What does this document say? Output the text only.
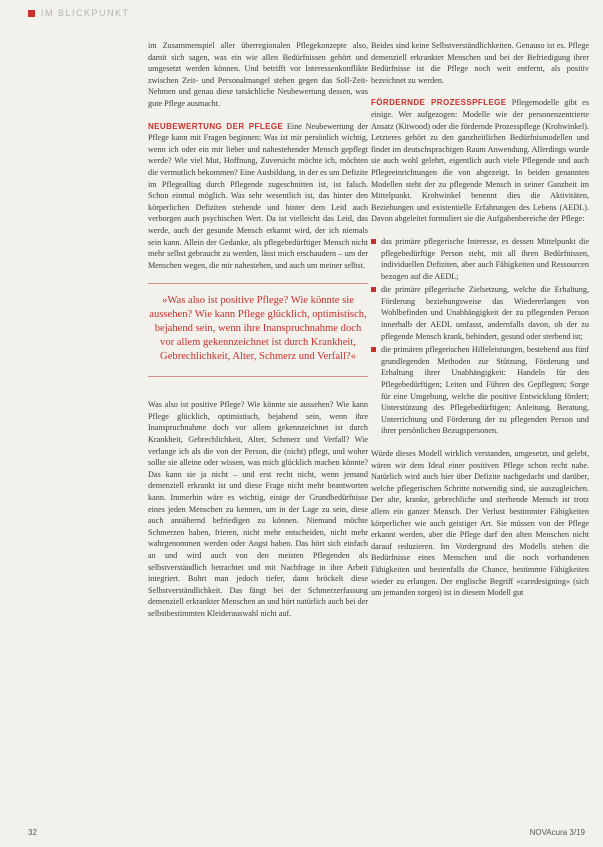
IM BLICKPUNKT

im Zusammenspiel aller überregionalen Pflegekonzepte also, damit sich sagen, was ein wie allen Bedürfnissen gehört und umgesetzt werden können. Und betrifft vor Interessenkonflikte zwischen Zeit- und Personalmangel stehen gegen das Soll-Zeit-Nehmen und genau diese tatsächliche Neubewertung dessen, was gute Pflege ausmacht.

NEUBEWERTUNG DER PFLEGE Eine Neubewertung der Pflege kann mit Fragen beginnen: Was ist mir persönlich wichtig, wenn ich oder ein mir lieber und nahestehender Mensch gepflegt werde? Wie viel Mut, Hoffnung, Zuversicht möchte ich, möchten die vermutlich bekommen? Eine Ausbildung, in der es um Defizite im Pflegealltag durch Pflegende zugeschnitten ist, ist falsch. Schon einmal möglich. Was sehr wesentlich ist, das hinter den körperlichen Defiziten stehende und hinter dem Leid auch verborgen auch psychischen Wert. Da ist vielleicht das Leid, das werde, auch der gesunde Mensch erkannt wird, der ich niemals sein kann. Allein der Gedanke, als pflegebedürftiger Mensch nicht mehr selbst gebraucht zu werden, lässt mich erschaudern – um der Menschen wegen, die mir nahestehen, und auch um meiner selbst.

»Was also ist positive Pflege? Wie könnte sie aussehen? Wie kann Pflege glücklich, optimistisch, bejahend sein, wenn ihre Inanspruchnahme doch vor allem gekennzeichnet ist durch Krankheit, Gebrechlichkeit, Alter, Schmerz und Verfall?«

Was also ist positive Pflege? Wie könnte sie aussehen? Wie kann Pflege glücklich, optimistisch, bejahend sein, wenn ihre Inanspruchnahme doch vor allem gekennzeichnet ist durch Krankheit, Gebrechlichkeit, Alter, Schmerz und Verfall? Wie verlange ich als die von der Person, die (nicht) pflegt, und woher sollte sie alleine oder wissen, was mich glücklich machen könnte? Das kann sie ja nicht – und erst recht nicht, wenn jemand demenziell erkrankt ist und diese Frage nicht mehr beantworten kann. Immerhin wäre es wichtig, einige der Grundbedürfnisse eines jeden Menschen zu kennen, um in der Lage zu sein, diese auch annähernd befriedigen zu können. Niemand möchte Schmerzen haben, frieren, nicht mehr entscheiden, nicht mehr wahrgenommen werden oder Angst haben. Das hört sich einfach an und wird auch von den meisten Pflegenden als selbstverständlich betrachtet und mit Nachfrage in ihre Arbeit integriert. Bohrt man jedoch tiefer, dann bröckelt diese Selbstverständlichkeit. Das fängt bei der Schmerzerfassung demenziell erkrankter Menschen an und hört natürlich auch bei der selbstbestimmten Kleiderauswahl nicht auf.

Beides sind keine Selbstverständlichkeiten. Genauso ist es. Pflege demenziell erkrankter Menschen und bei der Befriedigung ihrer Bedürfnisse ist die Pflege noch weit entfernt, als positiv bezeichnet zu werden.

FÖRDERNDE PROZESSPFLEGE Pflegemodelle gibt es einige. Wer aufgezogen: Modelle wie der personenzentrierte Ansatz (Kitwood) oder die fördernde Prozesspflege (Krohwinkel). Letzteres gehört zu den ganzheitlichen Bedürfnismodellen und findet im deutschsprachigen Raum Anwendung. Allerdings wurde sie auch wohl gelehrt, eigentlich auch viele Pflegende und auch Pflegeeinrichtungen die von abgezeigt. In beiden genannten Modellen steht der zu pflegende Mensch in seiner Ganzheit im Mittelpunkt. Krohwinkel benennt dies die Aktivitäten, Beziehungen und existentielle Erfahrungen des Lebens (AEDL). Davon abgeleitet formuliert sie die Aufgabenbereiche der Pflege:

das primäre pflegerische Interesse, es dessen Mittelpunkt die pflegebedürftige Person steht, mit all ihren Bedürfnissen, individuellen Defiziten, aber auch Fähigkeiten und Ressourcen bezogen auf die AEDL;
die primäre pflegerische Zielsetzung, welche die Erhaltung, Förderung beziehungsweise das Wiedererlangen von Wohlbefinden und Unabhängigkeit der zu pflegenden Person innerhalb der AEDL umfasst, andernfalls davon, ob der zu pflegende Mensch krank, behindert, gesund oder sterbend ist;
die primären pflegerischen Hilfeleistungen, bestehend aus fünf grundlegenden Methoden zur Stützung, Förderung und Erhaltung ihrer Unabhängigkeit: Handeln für den Pflegebedürftigen; Leiten und Führen des Gepflegten; Sorge für eine Umgebung, welche die positive Entwicklung fördert; Unterstützung des Pflegebedürftigen; Anleitung, Beratung, Unterrichtung und Förderung der zu pflegenden Person und ihrer persönlichen Bezugspersonen.

Würde dieses Modell wirklich verstanden, umgesetzt, und gelebt, wären wir dem Ideal einer positiven Pflege schon recht nahe. Natürlich wird auch hier über Defizite nachgedacht und darüber, welche pflegerischen Schritte notwendig sind, sie auszugleichen. Der alte, kranke, gebrechliche und sterbende Mensch ist trotz allem ein ganzer Mensch. Der Verlust bestimmter Fähigkeiten körperlicher wie auch geistiger Art. Sie müssen von der Pflege erkannt werden, aber die Pflege darf den alten Menschen nicht darauf reduzieren. Im Vordergrund des Modells stehen die Bedürfnisse eines Menschen und die noch vorhandenen Fähigkeiten und bestenfalls die Chance, bestimmte Fähigkeiten wieder zu erlangen. Der englische Begriff »caredesigning« (sich um jemanden sorgen) ist in diesem Modell gut

32	NOVAcura 3/19
